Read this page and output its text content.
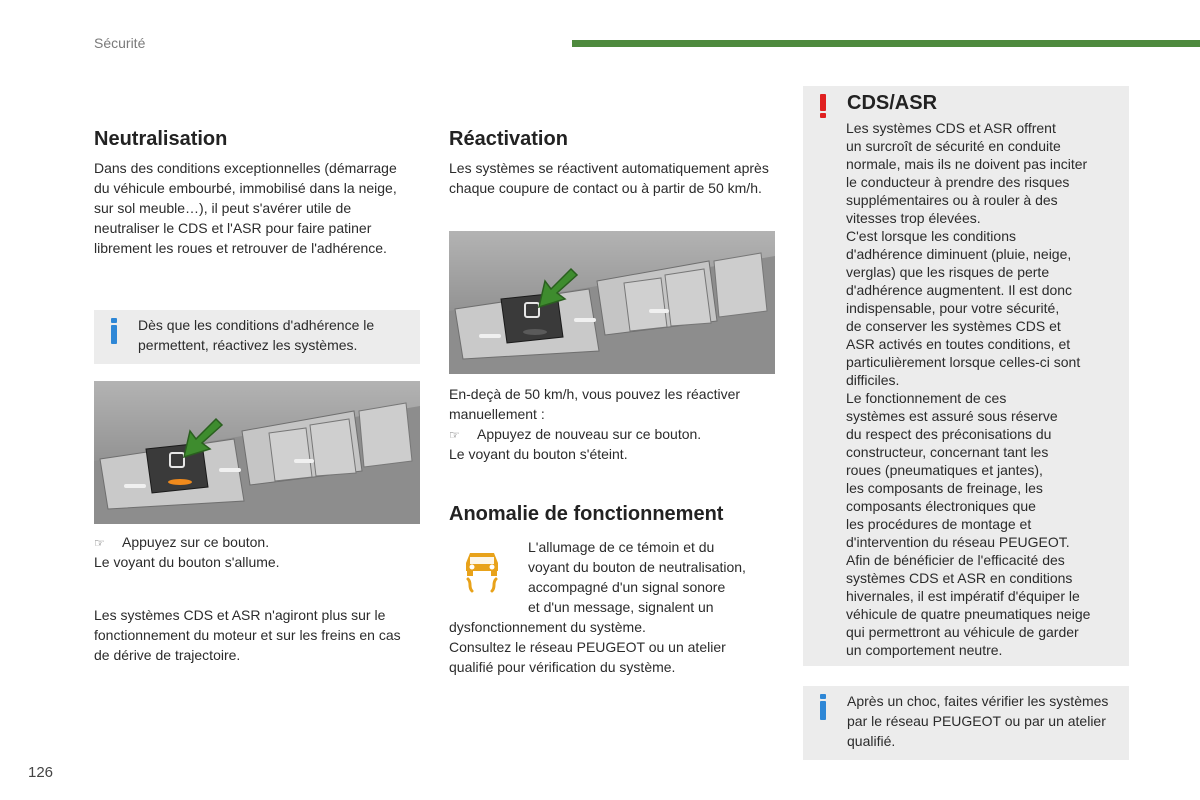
Sécurité
Neutralisation
Dans des conditions exceptionnelles (démarrage du véhicule embourbé, immobilisé dans la neige, sur sol meuble…), il peut s'avérer utile de neutraliser le CDS et l'ASR pour faire patiner librement les roues et retrouver de l'adhérence.
Dès que les conditions d'adhérence le permettent, réactivez les systèmes.
☞ Appuyez sur ce bouton.
Le voyant du bouton s'allume.
Les systèmes CDS et ASR n'agiront plus sur le fonctionnement du moteur et sur les freins en cas de dérive de trajectoire.
Réactivation
Les systèmes se réactivent automatiquement après chaque coupure de contact ou à partir de 50 km/h.
En-deçà de 50 km/h, vous pouvez les réactiver manuellement :
☞ Appuyez de nouveau sur ce bouton.
Le voyant du bouton s'éteint.
Anomalie de fonctionnement
L'allumage de ce témoin et du
voyant du bouton de neutralisation,
accompagné d'un signal sonore
et d'un message, signalent un
dysfonctionnement du système.
Consultez le réseau PEUGEOT ou un atelier qualifié pour vérification du système.
CDS/ASR
Les systèmes CDS et ASR offrent
un surcroît de sécurité en conduite
normale, mais ils ne doivent pas inciter
le conducteur à prendre des risques
supplémentaires ou à rouler à des
vitesses trop élevées.
C'est lorsque les conditions
d'adhérence diminuent (pluie, neige,
verglas) que les risques de perte
d'adhérence augmentent. Il est donc
indispensable, pour votre sécurité,
de conserver les systèmes CDS et
ASR activés en toutes conditions, et
particulièrement lorsque celles-ci sont
difficiles.
Le fonctionnement de ces
systèmes est assuré sous réserve
du respect des préconisations du
constructeur, concernant tant les
roues (pneumatiques et jantes),
les composants de freinage, les
composants électroniques que
les procédures de montage et
d'intervention du réseau PEUGEOT.
Afin de bénéficier de l'efficacité des
systèmes CDS et ASR en conditions
hivernales, il est impératif d'équiper le
véhicule de quatre pneumatiques neige
qui permettront au véhicule de garder
un comportement neutre.
Après un choc, faites vérifier les systèmes par le réseau PEUGEOT ou par un atelier qualifié.
126
